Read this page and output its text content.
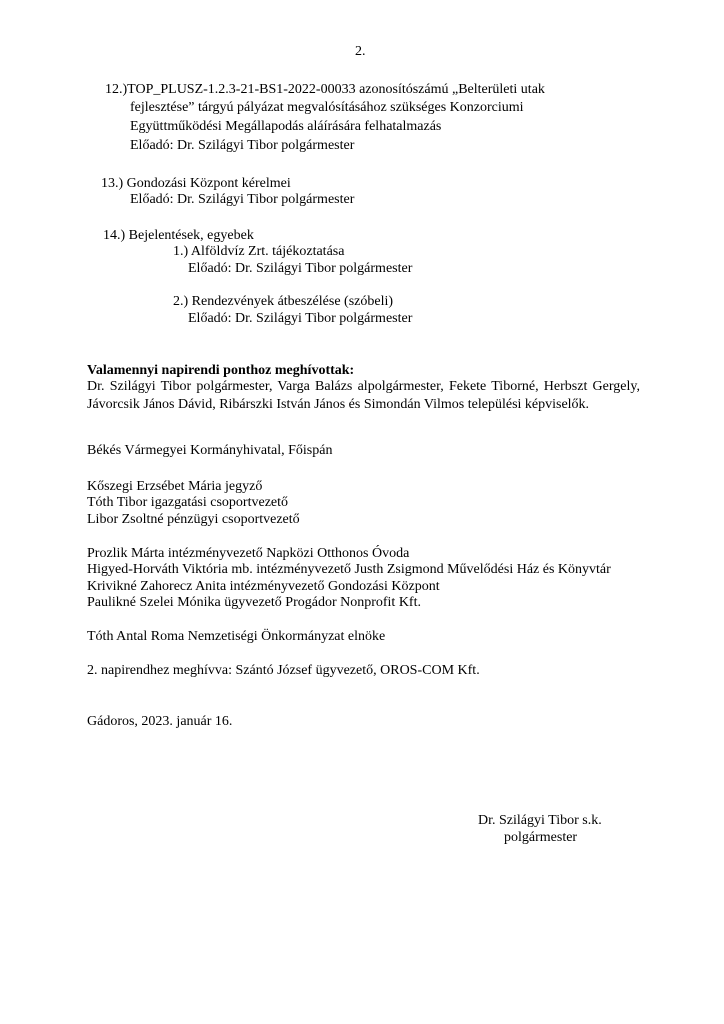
2.
12.)TOP_PLUSZ-1.2.3-21-BS1-2022-00033 azonosítószámú „Belterületi utak
fejlesztése” tárgyú pályázat megvalósításához szükséges Konzorciumi
Együttműködési Megállapodás aláírására felhatalmazás
Előadó: Dr. Szilágyi Tibor polgármester
13.) Gondozási Központ kérelmei
Előadó: Dr. Szilágyi Tibor polgármester
14.) Bejelentések, egyebek
1.) Alföldvíz Zrt. tájékoztatása
Előadó: Dr. Szilágyi Tibor polgármester
2.) Rendezvények átbeszélése (szóbeli)
Előadó: Dr. Szilágyi Tibor polgármester
Valamennyi napirendi ponthoz meghívottak:
Dr. Szilágyi Tibor polgármester, Varga Balázs alpolgármester, Fekete Tiborné, Herbszt Gergely, Jávorcsik János Dávid, Ribárszki István János és Simondán Vilmos települési képviselők.
Békés Vármegyei Kormányhivatal, Főispán
Kőszegi Erzsébet Mária jegyző
Tóth Tibor igazgatási csoportvezető
Libor Zsoltné pénzügyi csoportvezető
Prozlik Márta intézményvezető Napközi Otthonos Óvoda
Higyed-Horváth Viktória mb. intézményvezető Justh Zsigmond Művelődési Ház és Könyvtár
Krivikné Zahorecz Anita intézményvezető Gondozási Központ
Paulikné Szelei Mónika ügyvezető Progádor Nonprofit Kft.
Tóth Antal Roma Nemzetiségi Önkormányzat elnöke
2. napirendhez meghívva: Szántó József ügyvezető, OROS-COM Kft.
Gádoros, 2023. január 16.
Dr. Szilágyi Tibor s.k.
polgármester
